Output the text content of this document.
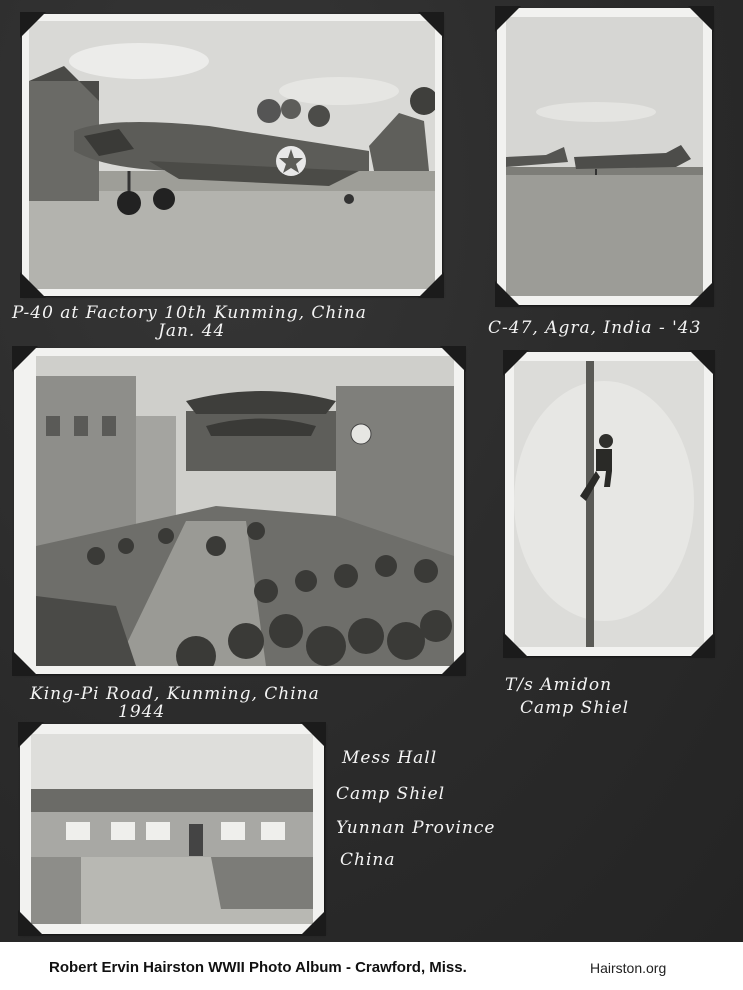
P-40 at Factory 10th Kunming, China
Jan. 44	C-47, Agra, India - '43
King-Pi Road, Kunming, China
1944
T/s Amidon
Camp Shiel
Mess Hall
Camp Shiel
Yunnan Province
China
Robert Ervin Hairston WWII Photo Album - Crawford, Miss.	Hairston.org
